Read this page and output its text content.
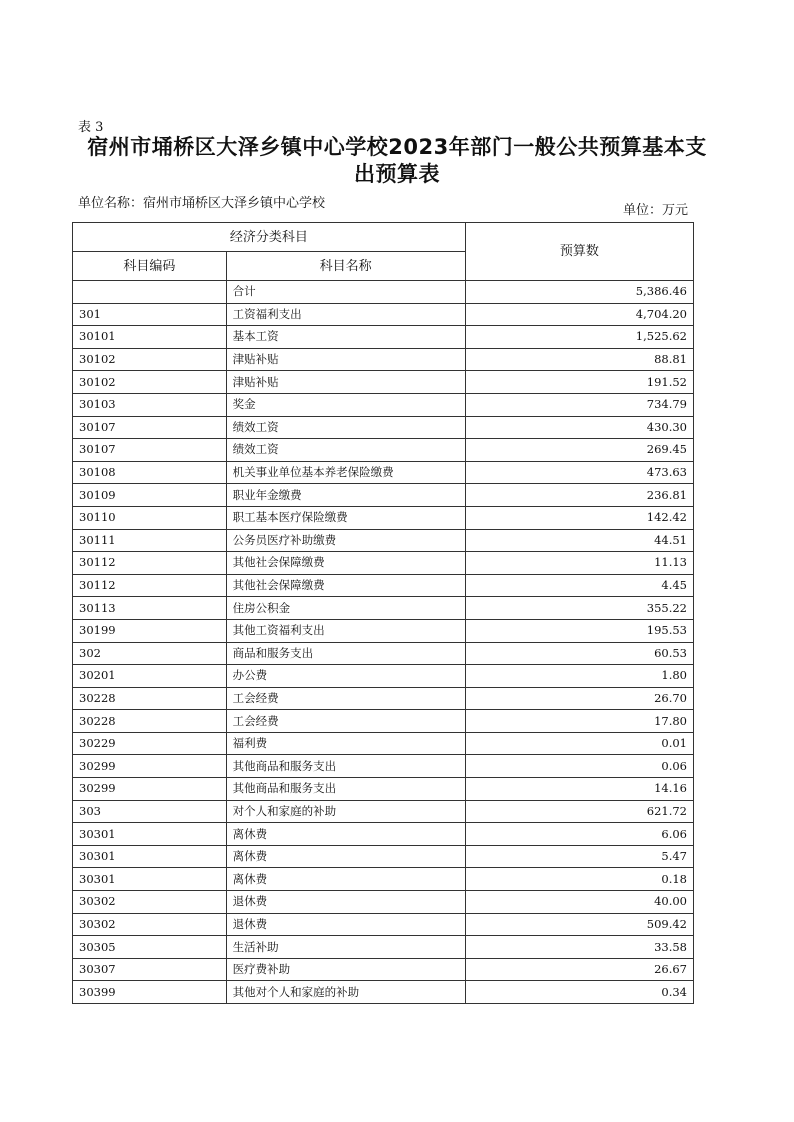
表 3
宿州市埇桥区大泽乡镇中心学校2023年部门一般公共预算基本支
出预算表
单位名称：宿州市埇桥区大泽乡镇中心学校	单位：万元
经济分类科目		预算数
科目编码	科目名称	
	合计	5,386.46
301	工资福利支出	4,704.20
30101	基本工资	1,525.62
30102	津贴补贴	88.81
30102	津贴补贴	191.52
30103	奖金	734.79
30107	绩效工资	430.30
30107	绩效工资	269.45
30108	机关事业单位基本养老保险缴费	473.63
30109	职业年金缴费	236.81
30110	职工基本医疗保险缴费	142.42
30111	公务员医疗补助缴费	44.51
30112	其他社会保障缴费	11.13
30112	其他社会保障缴费	4.45
30113	住房公积金	355.22
30199	其他工资福利支出	195.53
302	商品和服务支出	60.53
30201	办公费	1.80
30228	工会经费	26.70
30228	工会经费	17.80
30229	福利费	0.01
30299	其他商品和服务支出	0.06
30299	其他商品和服务支出	14.16
303	对个人和家庭的补助	621.72
30301	离休费	6.06
30301	离休费	5.47
30301	离休费	0.18
30302	退休费	40.00
30302	退休费	509.42
30305	生活补助	33.58
30307	医疗费补助	26.67
30399	其他对个人和家庭的补助	0.34
